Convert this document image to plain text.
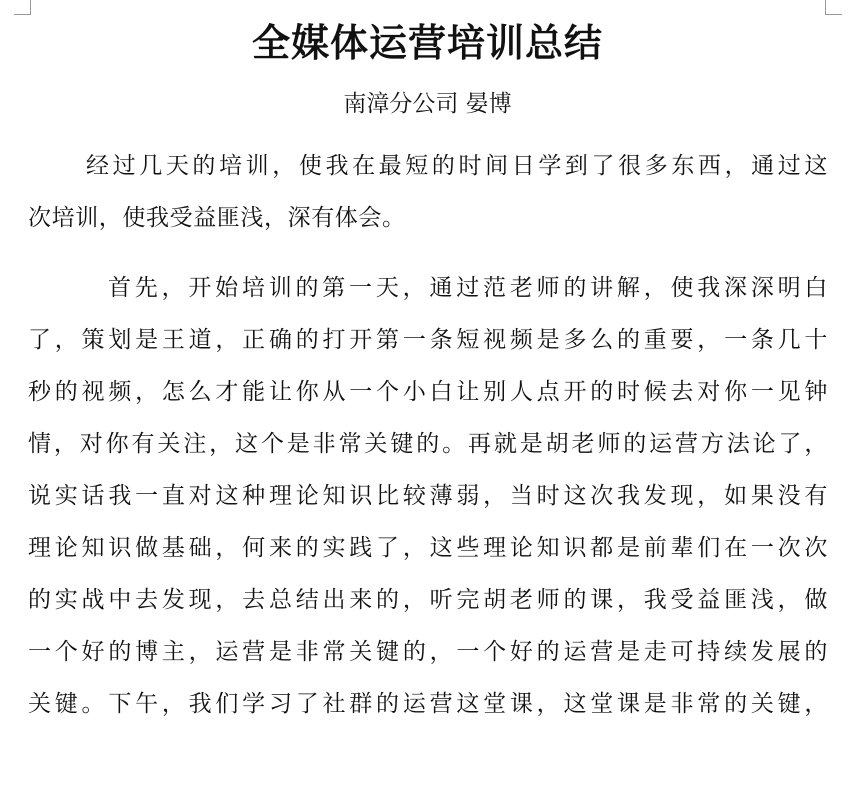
全媒体运营培训总结
南漳分公司 晏博
经过几天的培训，使我在最短的时间日学到了很多东西，通过这
次培训，使我受益匪浅，深有体会。
首先，开始培训的第一天，通过范老师的讲解，使我深深明白
了，策划是王道，正确的打开第一条短视频是多么的重要，一条几十
秒的视频，怎么才能让你从一个小白让别人点开的时候去对你一见钟
情，对你有关注，这个是非常关键的。再就是胡老师的运营方法论了，
说实话我一直对这种理论知识比较薄弱，当时这次我发现，如果没有
理论知识做基础，何来的实践了，这些理论知识都是前辈们在一次次
的实战中去发现，去总结出来的，听完胡老师的课，我受益匪浅，做
一个好的博主，运营是非常关键的，一个好的运营是走可持续发展的
关键。下午，我们学习了社群的运营这堂课，这堂课是非常的关键，
